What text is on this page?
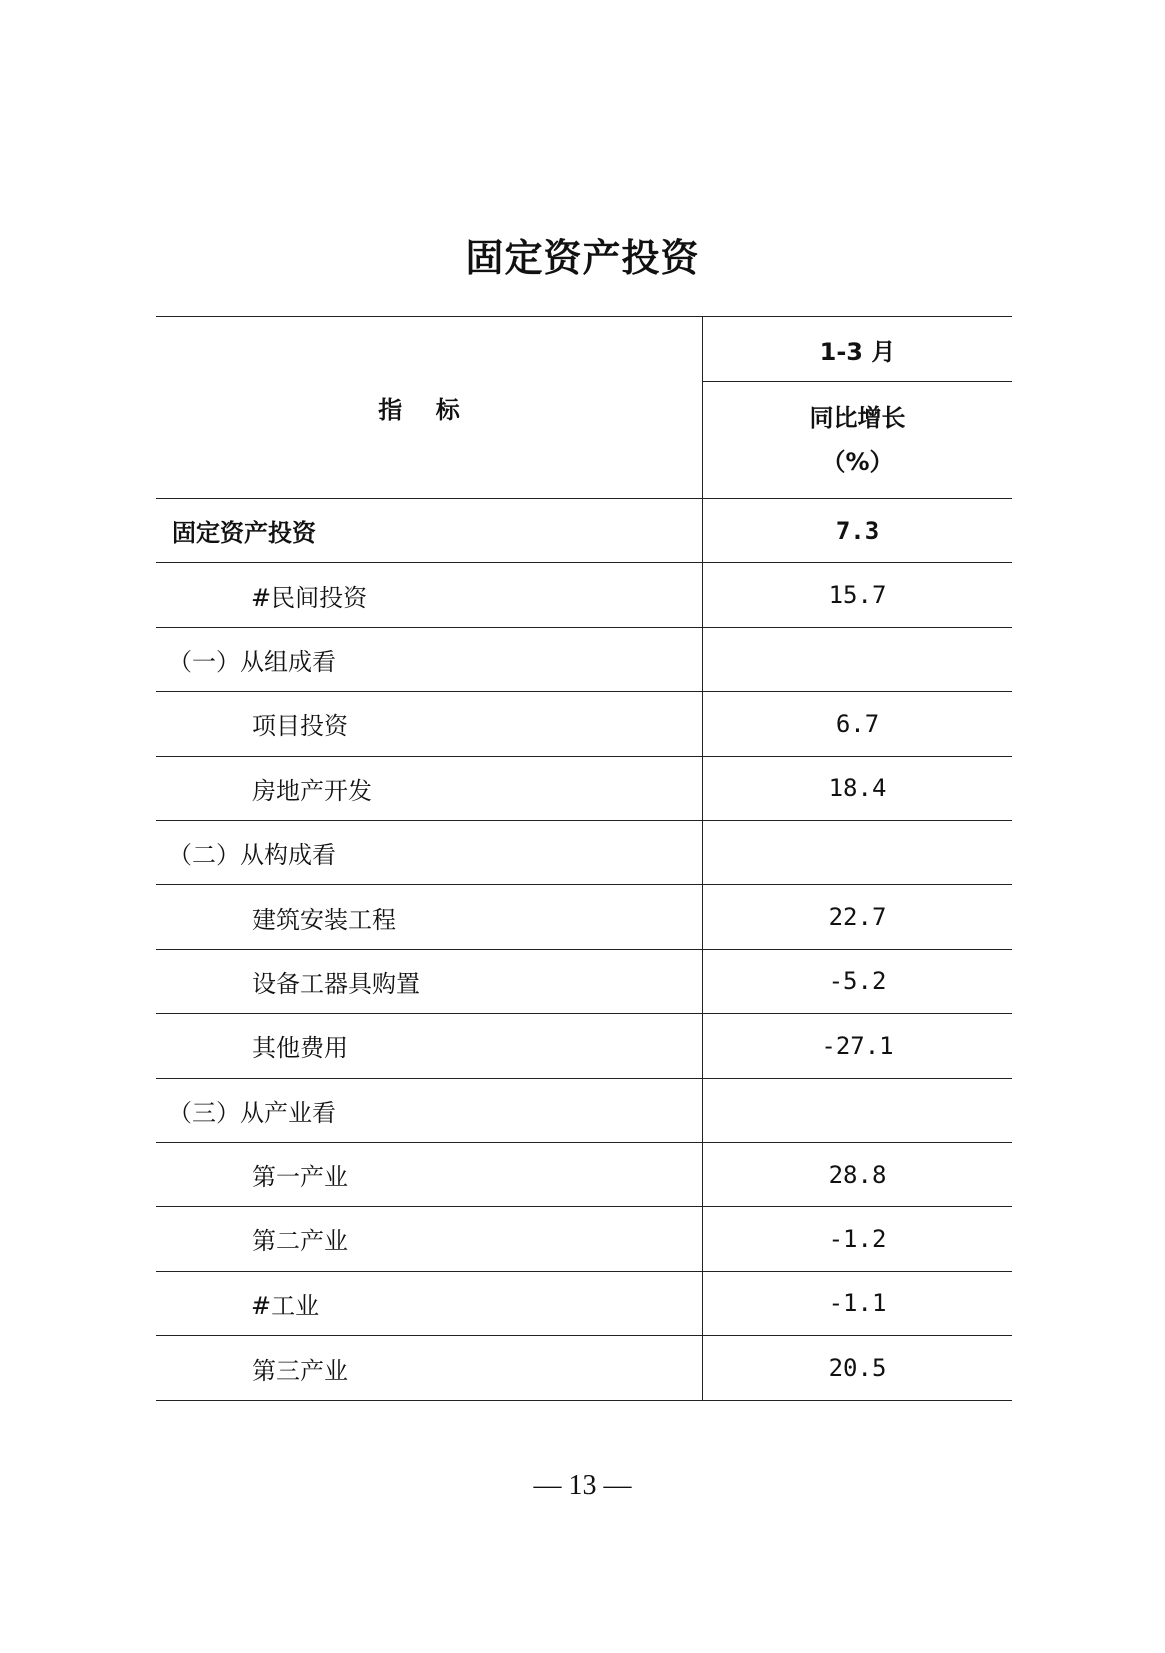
固定资产投资
指    标
1-3 月
同比增长
（%）
固定资产投资	7.3
#民间投资	15.7
（一）从组成看
项目投资	6.7
房地产开发	18.4
（二）从构成看
建筑安装工程	22.7
设备工器具购置	-5.2
其他费用	-27.1
（三）从产业看
第一产业	28.8
第二产业	-1.2
#工业	-1.1
第三产业	20.5
— 13 —
